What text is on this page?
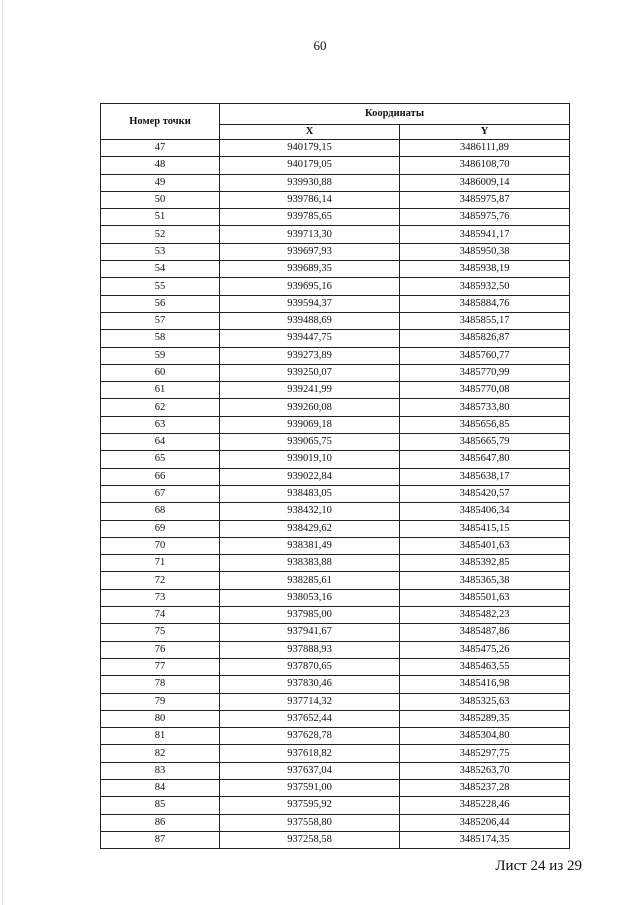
60
Номер точки	Координаты	
	X	Y
47	940179,15	3486111,89
48	940179,05	3486108,70
49	939930,88	3486009,14
50	939786,14	3485975,87
51	939785,65	3485975,76
52	939713,30	3485941,17
53	939697,93	3485950,38
54	939689,35	3485938,19
55	939695,16	3485932,50
56	939594,37	3485884,76
57	939488,69	3485855,17
58	939447,75	3485826,87
59	939273,89	3485760,77
60	939250,07	3485770,99
61	939241,99	3485770,08
62	939260,08	3485733,80
63	939069,18	3485656,85
64	939065,75	3485665,79
65	939019,10	3485647,80
66	939022,84	3485638,17
67	938483,05	3485420,57
68	938432,10	3485406,34
69	938429,62	3485415,15
70	938381,49	3485401,63
71	938383,88	3485392,85
72	938285,61	3485365,38
73	938053,16	3485501,63
74	937985,00	3485482,23
75	937941,67	3485487,86
76	937888,93	3485475,26
77	937870,65	3485463,55
78	937830,46	3485416,98
79	937714,32	3485325,63
80	937652,44	3485289,35
81	937628,78	3485304,80
82	937618,82	3485297,75
83	937637,04	3485263,70
84	937591,00	3485237,28
85	937595,92	3485228,46
86	937558,80	3485206,44
87	937258,58	3485174,35
Лист 24 из 29
